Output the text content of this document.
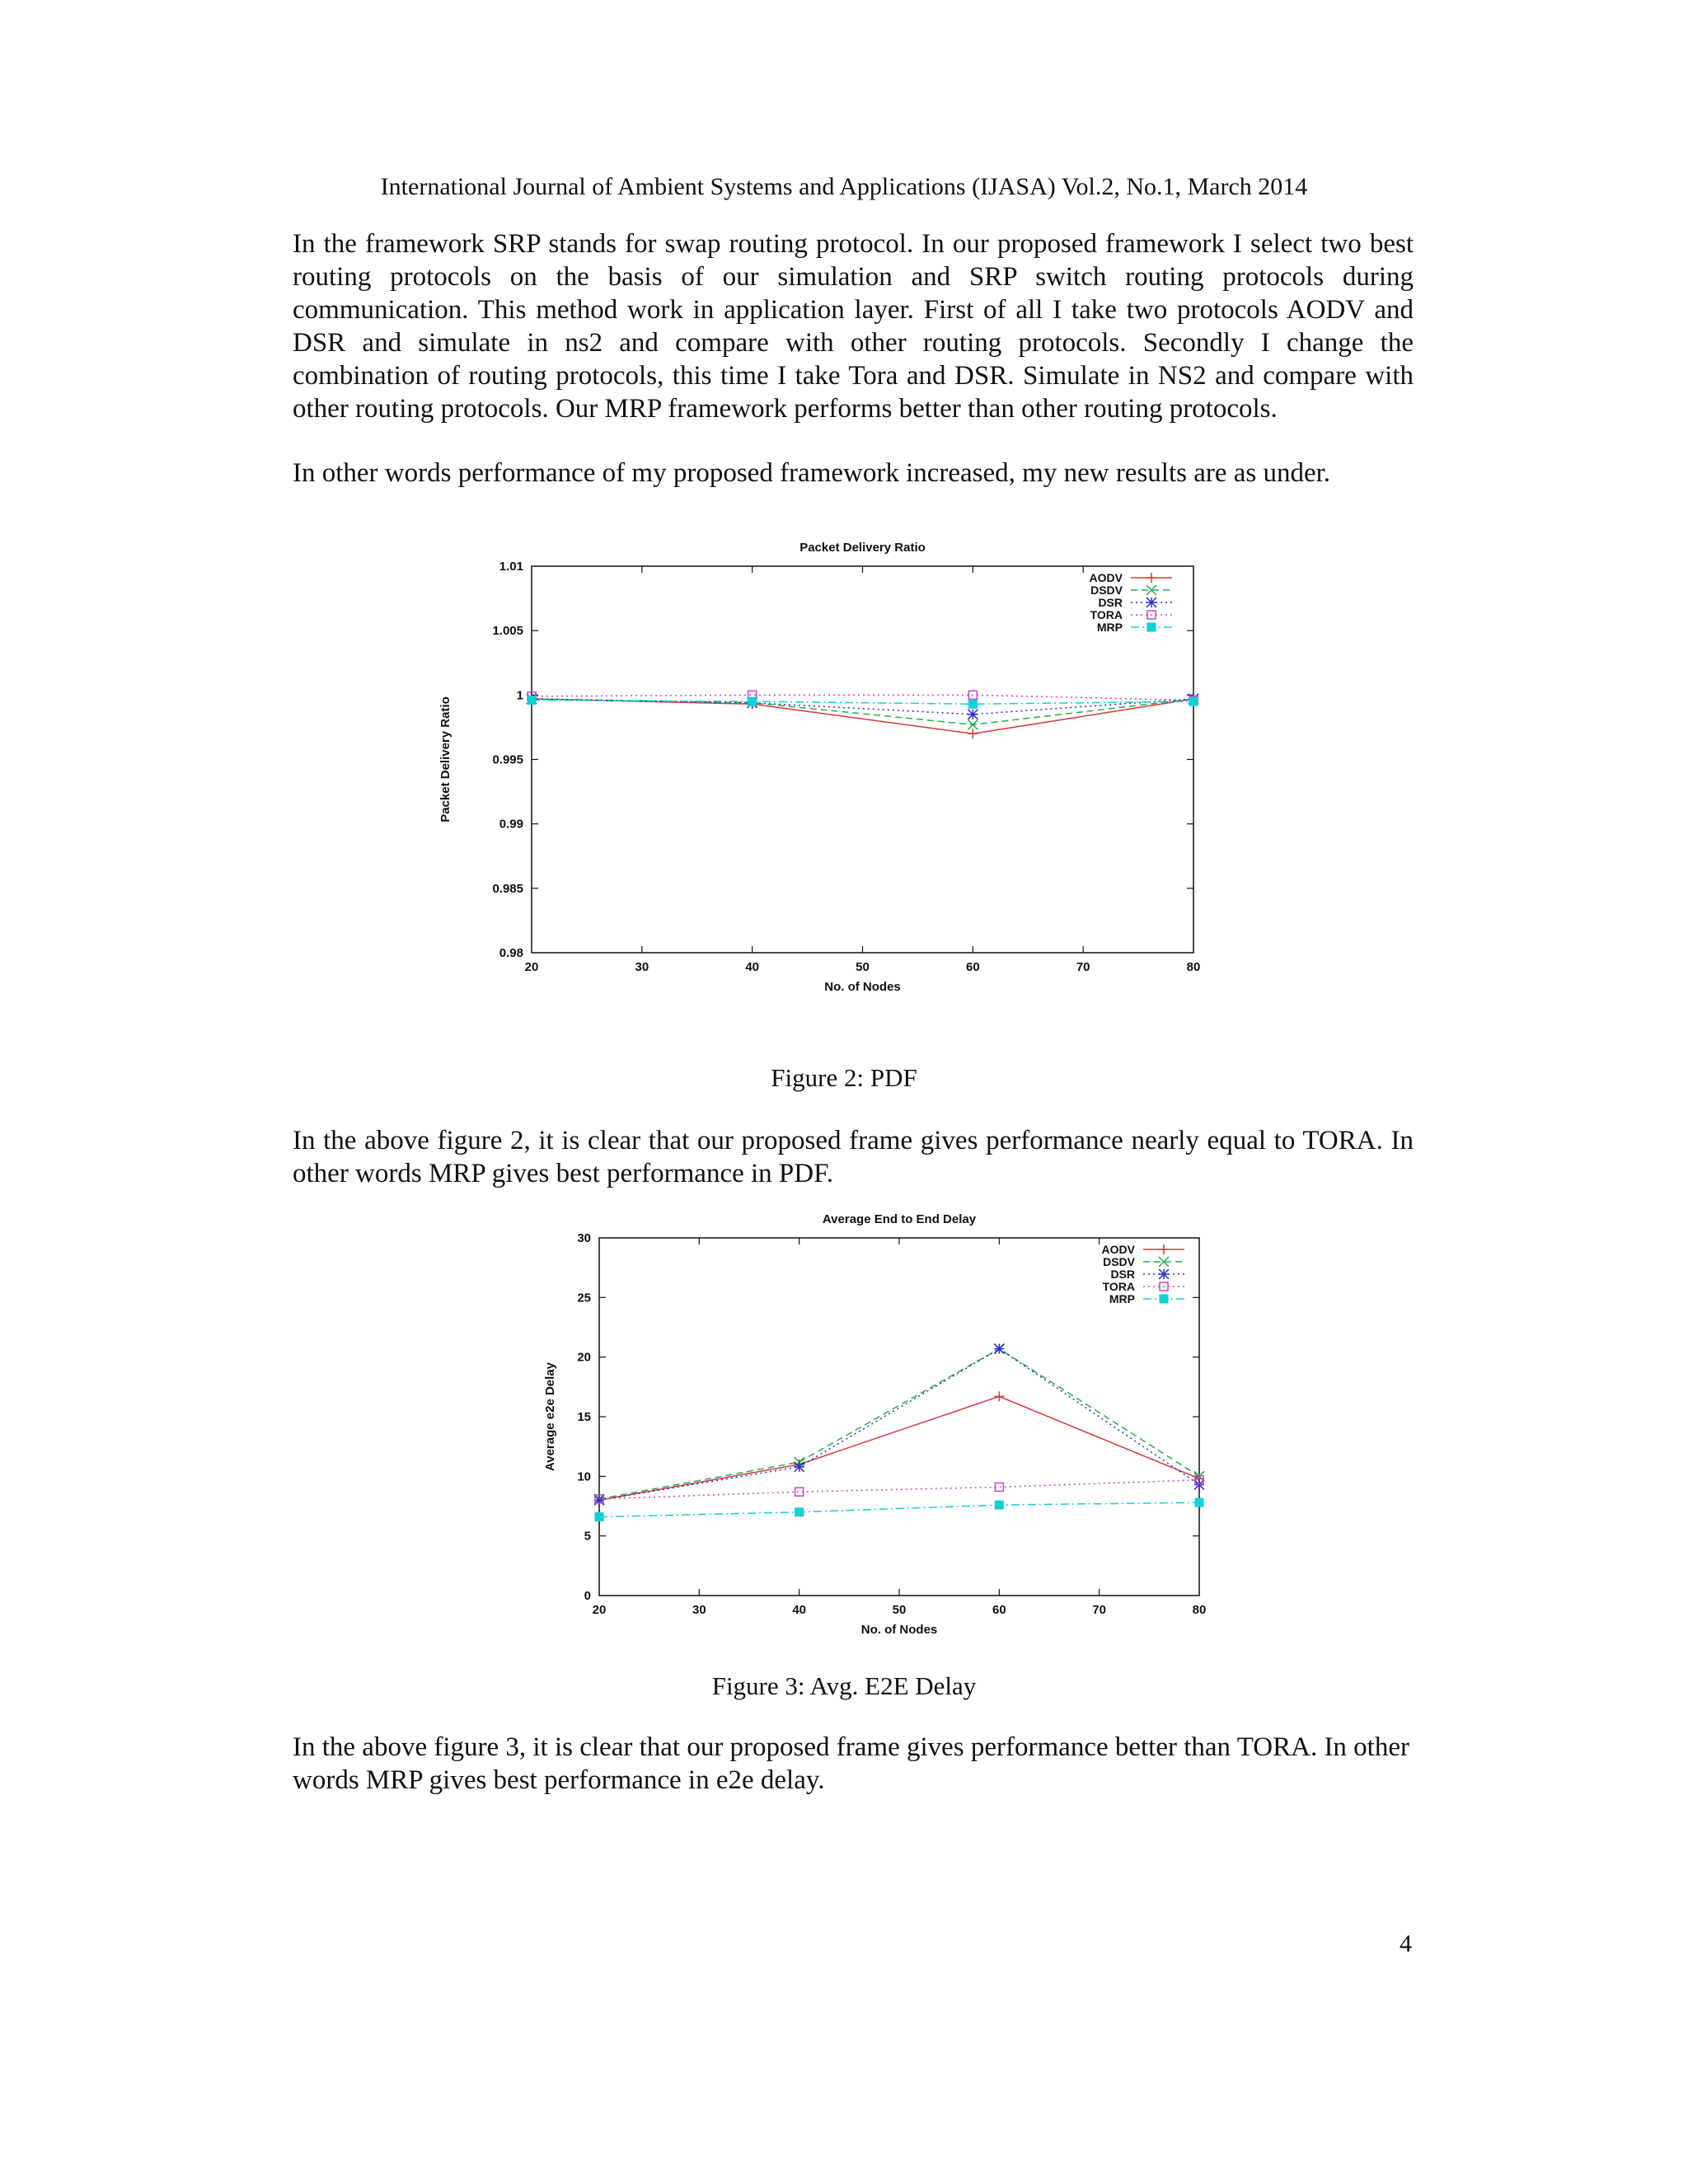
International Journal of Ambient Systems and Applications (IJASA) Vol.2, No.1, March 2014

In the framework SRP stands for swap routing protocol. In our proposed framework I select two best routing protocols on the basis of our simulation and SRP switch routing protocols during communication. This method work in application layer. First of all I take two protocols AODV and DSR and simulate in ns2 and compare with other routing protocols. Secondly I change the combination of routing protocols, this time I take Tora and DSR. Simulate in NS2 and compare with other routing protocols. Our MRP framework performs better than other routing protocols.

In other words performance of my proposed framework increased, my new results are as under.

Packet Delivery Ratio
20	30	40	50	60	70	80
0.98
0.985
0.99
0.995
1
1.005
1.01
No. of Nodes
Packet Delivery Ratio
AODV
DSDV
DSR
TORA
MRP
Figure 2: PDF

In the above figure 2, it is clear that our proposed frame gives performance nearly equal to TORA. In other words MRP gives best performance in PDF.

Average End to End Delay
20	30	40	50	60	70	80
0
5
10
15
20
25
30
No. of Nodes
Average e2e Delay
AODV
DSDV
DSR
TORA
MRP
Figure 3: Avg. E2E Delay

In the above figure 3, it is clear that our proposed frame gives performance better than TORA. In other words MRP gives best performance in e2e delay.

4
